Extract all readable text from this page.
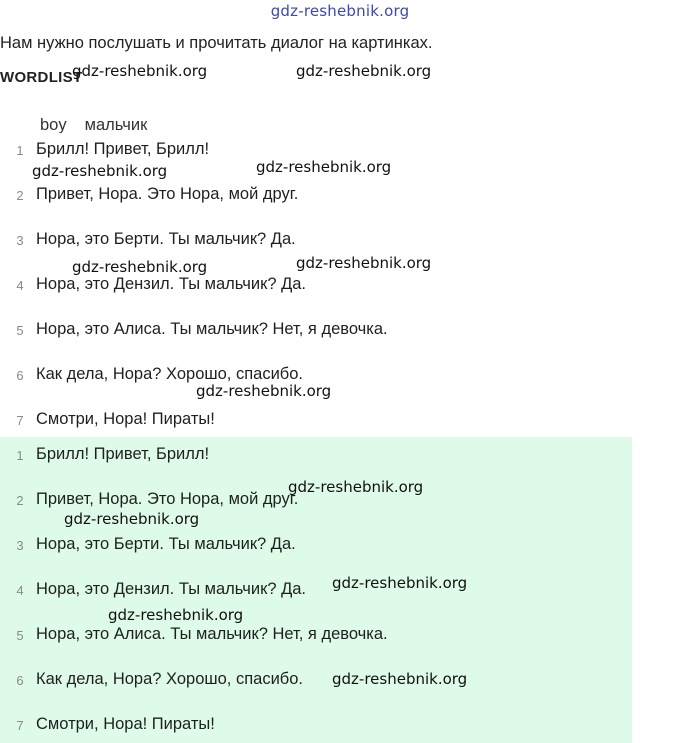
gdz-reshebnik.org
Нам нужно послушать и прочитать диалог на картинках.
WORDLIST
boy мальчик
1 Брилл! Привет, Брилл!
2 Привет, Нора. Это Нора, мой друг.
3 Нора, это Берти. Ты мальчик? Да.
4 Нора, это Дензил. Ты мальчик? Да.
5 Нора, это Алиса. Ты мальчик? Нет, я девочка.
6 Как дела, Нора? Хорошо, спасибо.
7 Смотри, Нора! Пираты!
1 Брилл! Привет, Брилл!
2 Привет, Нора. Это Нора, мой друг.
3 Нора, это Берти. Ты мальчик? Да.
4 Нора, это Дензил. Ты мальчик? Да.
5 Нора, это Алиса. Ты мальчик? Нет, я девочка.
6 Как дела, Нора? Хорошо, спасибо.
7 Смотри, Нора! Пираты!
gdz-reshebnik.org	gdz-reshebnik.org
gdz-reshebnik.org
gdz-reshebnik.org
gdz-reshebnik.org
gdz-reshebnik.org
gdz-reshebnik.org
gdz-reshebnik.org
gdz-reshebnik.org
gdz-reshebnik.org
gdz-reshebnik.org
gdz-reshebnik.org
